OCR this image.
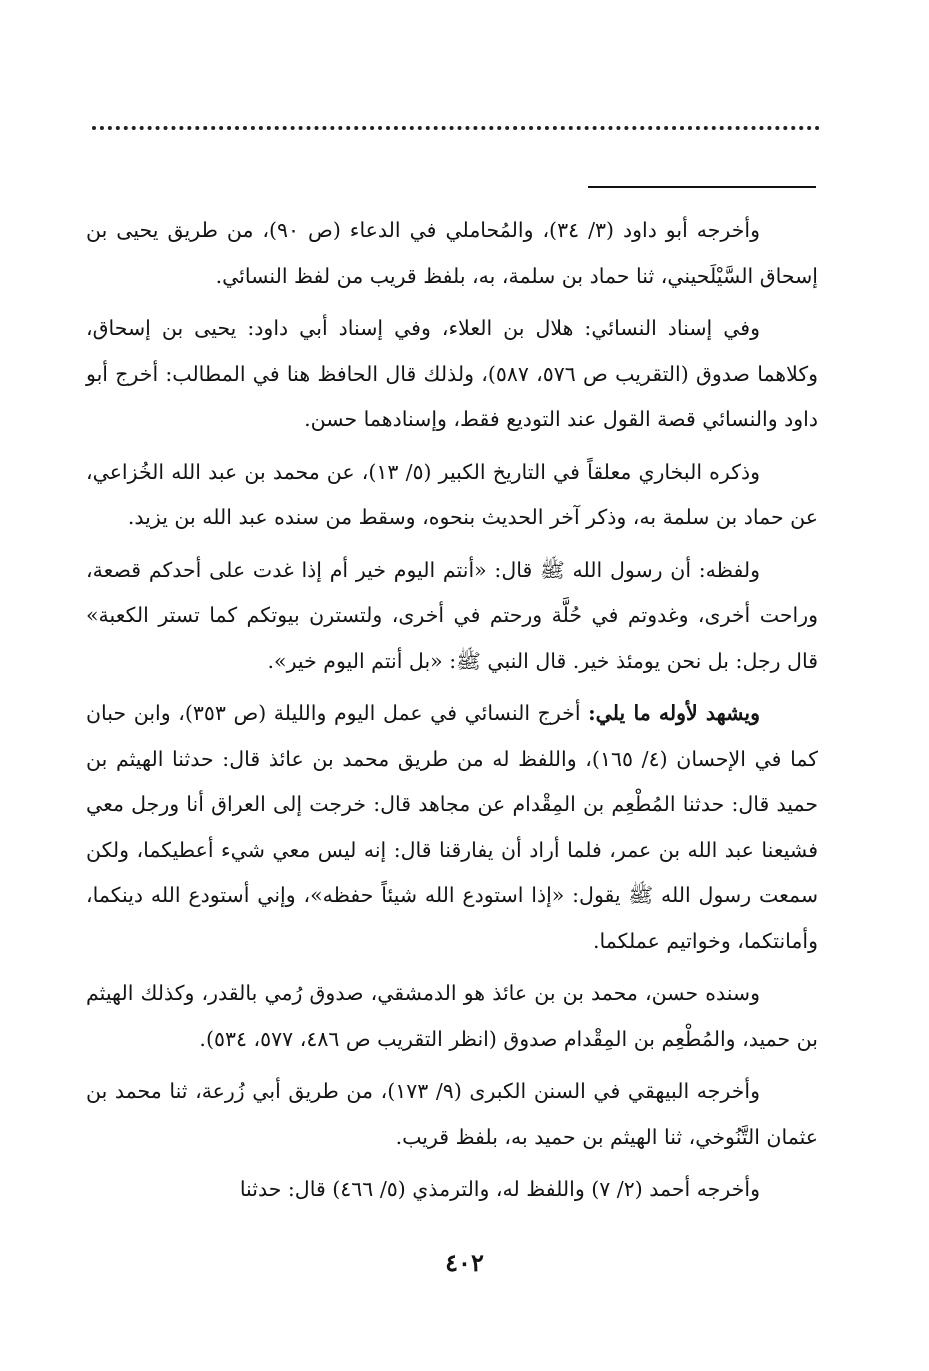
وأخرجه أبو داود (٣/ ٣٤)، والمُحاملي في الدعاء (ص ٩٠)، من طريق يحيى بن إسحاق السَّيْلَحيني، ثنا حماد بن سلمة، به، بلفظ قريب من لفظ النسائي.

وفي إسناد النسائي: هلال بن العلاء، وفي إسناد أبي داود: يحيى بن إسحاق، وكلاهما صدوق (التقريب ص ٥٧٦، ٥٨٧)، ولذلك قال الحافظ هنا في المطالب: أخرج أبو داود والنسائي قصة القول عند التوديع فقط، وإسنادهما حسن.

وذكره البخاري معلقاً في التاريخ الكبير (٥/ ١٣)، عن محمد بن عبد الله الخُزاعي، عن حماد بن سلمة به، وذكر آخر الحديث بنحوه، وسقط من سنده عبد الله بن يزيد.

ولفظه: أن رسول الله ﷺ قال: «أنتم اليوم خير أم إذا غدت على أحدكم قصعة، وراحت أخرى، وغدوتم في حُلَّة ورحتم في أخرى، ولتسترن بيوتكم كما تستر الكعبة» قال رجل: بل نحن يومئذ خير. قال النبي ﷺ: «بل أنتم اليوم خير».

ويشهد لأوله ما يلي: أخرج النسائي في عمل اليوم والليلة (ص ٣٥٣)، وابن حبان كما في الإحسان (٤/ ١٦٥)، واللفظ له من طريق محمد بن عائذ قال: حدثنا الهيثم بن حميد قال: حدثنا المُطْعِم بن المِقْدام عن مجاهد قال: خرجت إلى العراق أنا ورجل معي فشيعنا عبد الله بن عمر، فلما أراد أن يفارقنا قال: إنه ليس معي شيء أعطيكما، ولكن سمعت رسول الله ﷺ يقول: «إذا استودع الله شيئاً حفظه»، وإني أستودع الله دينكما، وأمانتكما، وخواتيم عملكما.

وسنده حسن، محمد بن بن عائذ هو الدمشقي، صدوق رُمي بالقدر، وكذلك الهيثم بن حميد، والمُطْعِم بن المِقْدام صدوق (انظر التقريب ص ٤٨٦، ٥٧٧، ٥٣٤).

وأخرجه البيهقي في السنن الكبرى (٩/ ١٧٣)، من طريق أبي زُرعة، ثنا محمد بن عثمان التَّنُوخي، ثنا الهيثم بن حميد به، بلفظ قريب.

وأخرجه أحمد (٢/ ٧) واللفظ له، والترمذي (٥/ ٤٦٦) قال: حدثنا

٤٠٢
